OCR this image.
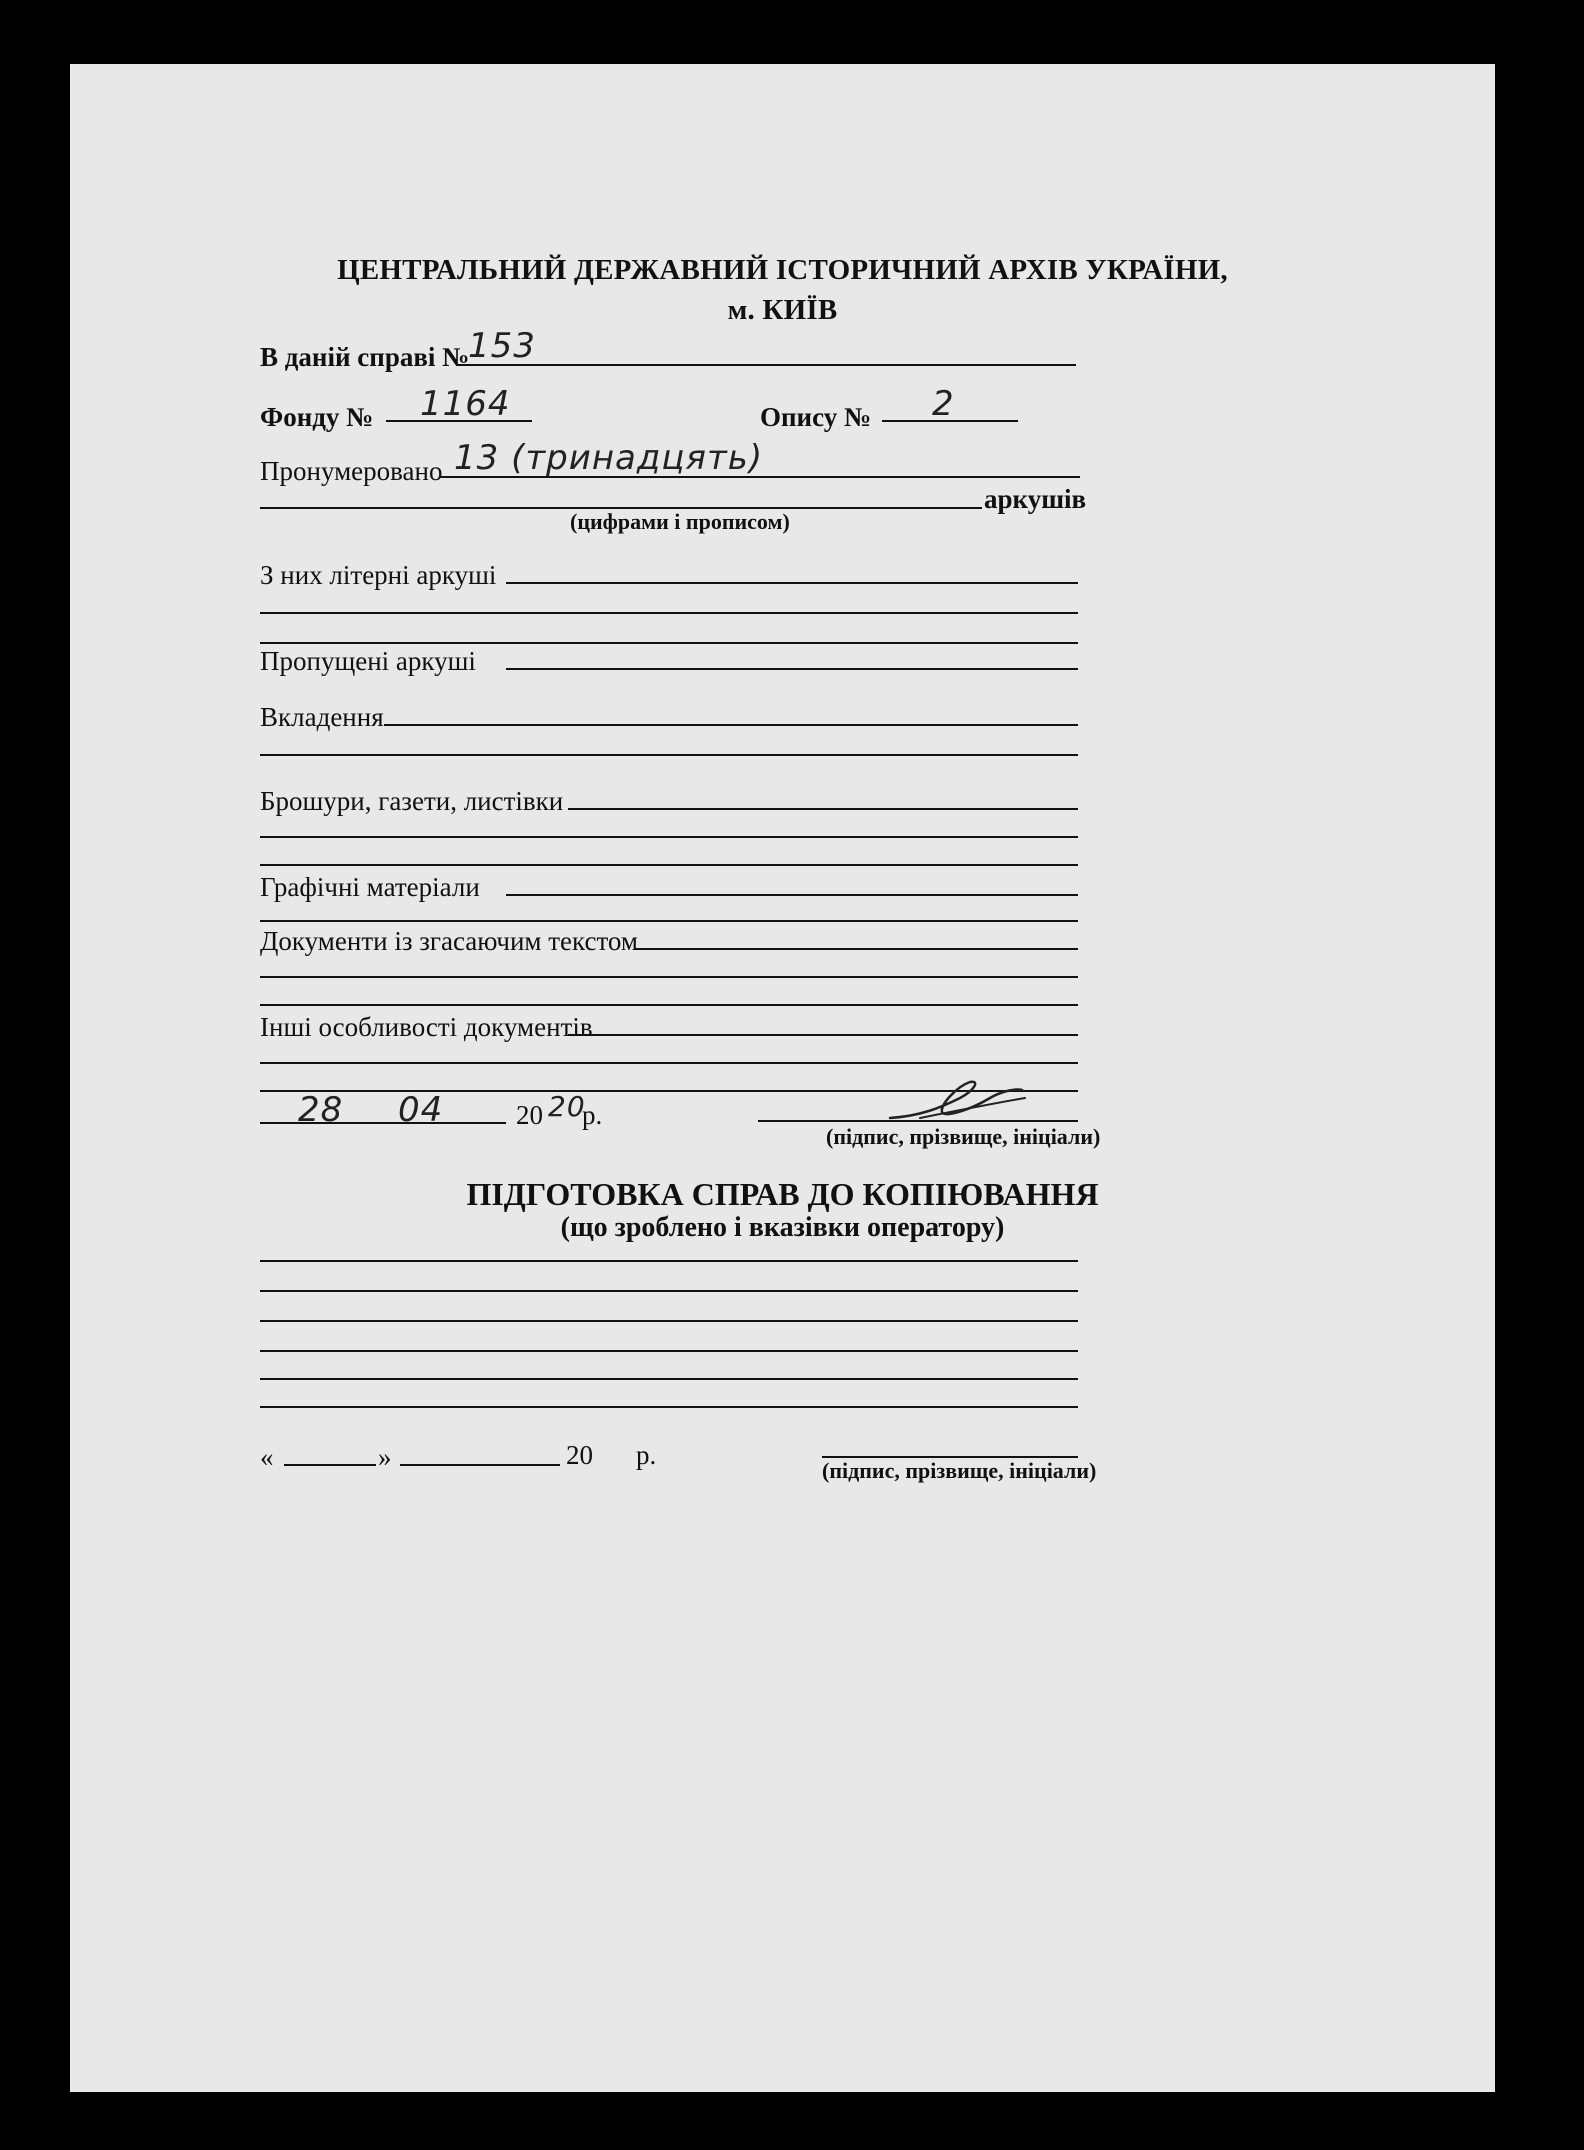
ЦЕНТРАЛЬНИЙ ДЕРЖАВНИЙ ІСТОРИЧНИЙ АРХІВ УКРАЇНИ,
м. КИЇВ
В даній справі №
153
Фонду № 1164	Опису № 2
Пронумеровано 13 (тринадцять)
аркушів
(цифрами і прописом)
З них літерні аркуші
Пропущені аркуші
Вкладення
Брошури, газети, листівки
Графічні матеріали
Документи із згасаючим текстом
Інші особливості документів
28 04	20 20
р.
(підпис, прізвище, ініціали)
ПІДГОТОВКА СПРАВ ДО КОПІЮВАННЯ
(що зроблено і вказівки оператору)
«	»	20 р.
(підпис, прізвище, ініціали)
